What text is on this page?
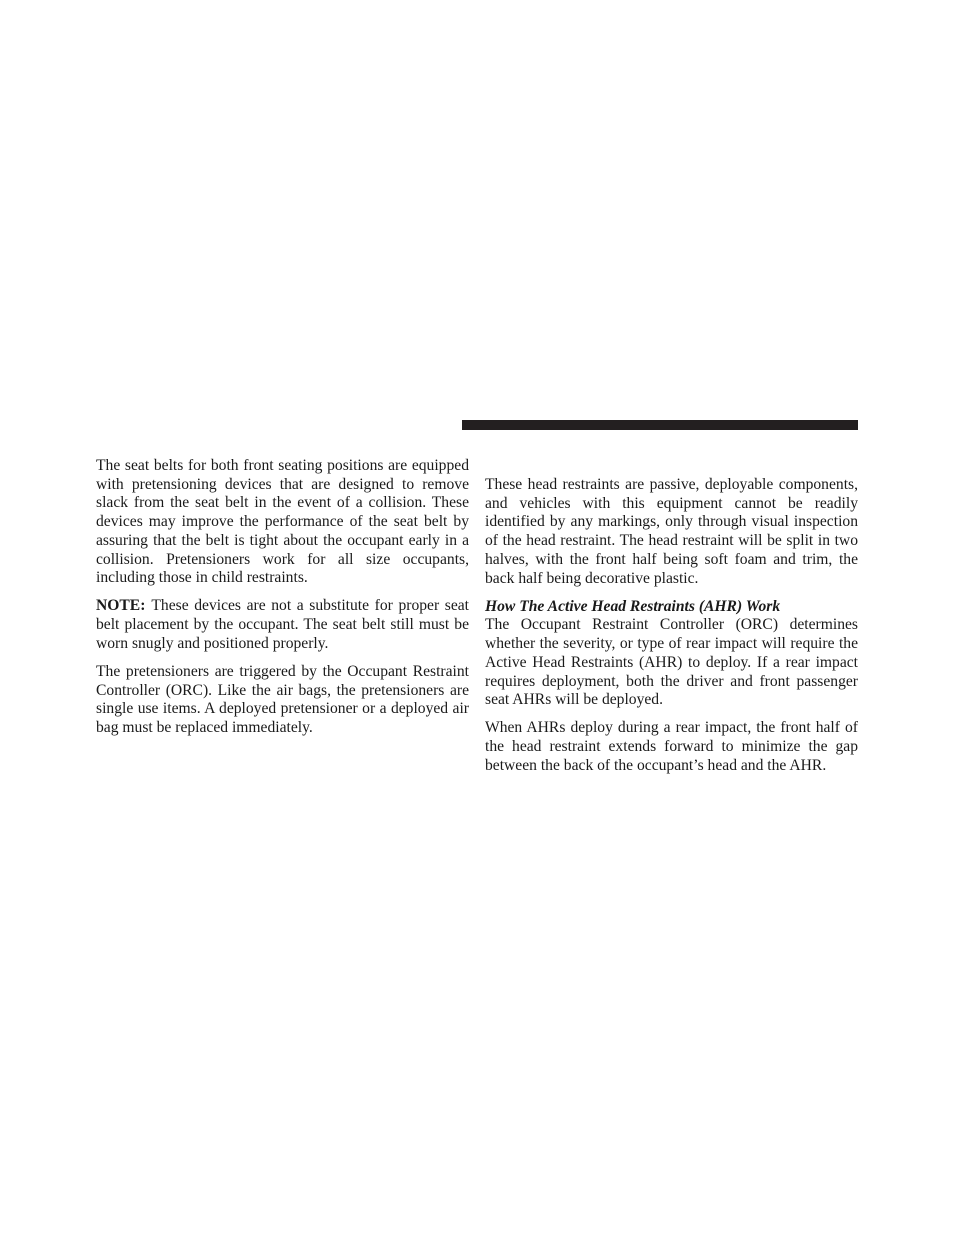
The seat belts for both front seating positions are equipped with pretensioning devices that are designed to remove slack from the seat belt in the event of a collision. These devices may improve the performance of the seat belt by assuring that the belt is tight about the occupant early in a collision. Pretensioners work for all size occupants, including those in child restraints.

NOTE: These devices are not a substitute for proper seat belt placement by the occupant. The seat belt still must be worn snugly and positioned properly.

The pretensioners are triggered by the Occupant Restraint Controller (ORC). Like the air bags, the pretensioners are single use items. A deployed pretensioner or a deployed air bag must be replaced immediately.

These head restraints are passive, deployable components, and vehicles with this equipment cannot be readily identified by any markings, only through visual inspection of the head restraint. The head restraint will be split in two halves, with the front half being soft foam and trim, the back half being decorative plastic.

How The Active Head Restraints (AHR) Work

The Occupant Restraint Controller (ORC) determines whether the severity, or type of rear impact will require the Active Head Restraints (AHR) to deploy. If a rear impact requires deployment, both the driver and front passenger seat AHRs will be deployed.

When AHRs deploy during a rear impact, the front half of the head restraint extends forward to minimize the gap between the back of the occupant’s head and the AHR.
